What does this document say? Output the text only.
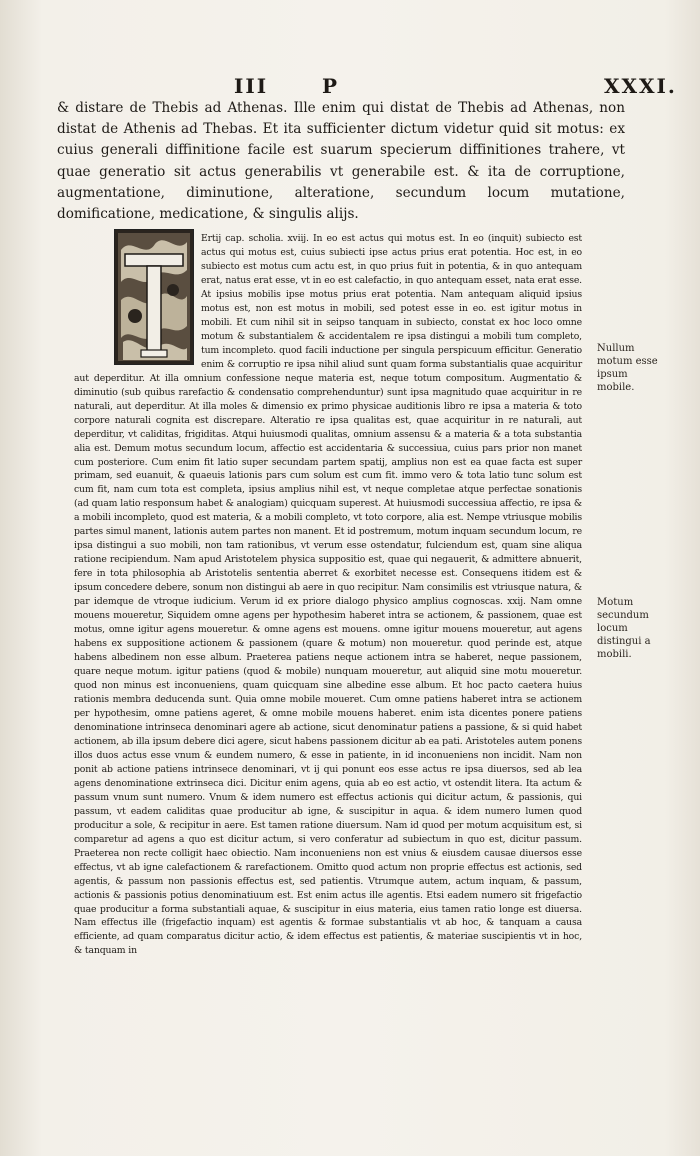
III	P	XXXI.
& distare de Thebis ad Athenas. Ille enim qui distat de Thebis ad Athenas, non distat de Athenis ad Thebas. Et ita sufficienter dictum videtur quid sit motus: ex cuius generali diffinitione facile est suarum specierum diffinitiones trahere, vt quae generatio sit actus generabilis vt generabile est. & ita de corruptione, augmentatione, diminutione, alteratione, secundum locum mutatione, domificatione, medicatione, & singulis alijs.

Ertij cap. scholia. xviij. In eo est actus qui motus est. In eo (inquit) subiecto est actus qui motus est, cuius subiecti ipse actus prius erat potentia. Hoc est, in eo subiecto est motus cum actu est, in quo prius fuit in potentia, & in quo antequam erat, natus erat esse, vt in eo est calefactio, in quo antequam esset, nata erat esse. At ipsius mobilis ipse motus prius erat potentia. Nam antequam aliquid ipsius motus est, non est motus in mobili, sed potest esse in eo. est igitur motus in mobili. Et cum nihil sit in seipso tanquam in subiecto, constat ex hoc loco omne motum & substantialem & accidentalem re ipsa distingui a mobili tum completo, tum incompleto. quod facili inductione per singula perspicuum efficitur. Generatio enim & corruptio re ipsa nihil aliud sunt quam forma substantialis quae acquiritur aut deperditur. At illa omnium confessione neque materia est, neque totum compositum. Augmentatio & diminutio (sub quibus rarefactio & condensatio comprehenduntur) sunt ipsa magnitudo quae acquiritur in re naturali, aut deperditur. At illa moles & dimensio ex primo physicae auditionis libro re ipsa a materia & toto corpore naturali cognita est discrepare. Alteratio re ipsa qualitas est, quae acquiritur in re naturali, aut deperditur, vt caliditas, frigiditas. Atqui huiusmodi qualitas, omnium assensu & a materia & a tota substantia alia est. Demum motus secundum locum, affectio est accidentaria & successiua, cuius pars prior non manet cum posteriore. Cum enim fit latio super secundam partem spatij, amplius non est ea quae facta est super primam, sed euanuit, & quaeuis lationis pars cum solum est cum fit. immo vero & tota latio tunc solum est cum fit, nam cum tota est completa, ipsius amplius nihil est, vt neque completae atque perfectae sonationis (ad quam latio responsum habet & analogiam) quicquam superest. At huiusmodi successiua affectio, re ipsa & a mobili incompleto, quod est materia, & a mobili completo, vt toto corpore, alia est. Nempe vtriusque mobilis partes simul manent, lationis autem partes non manent. Et id postremum, motum inquam secundum locum, re ipsa distingui a suo mobili, non tam rationibus, vt verum esse ostendatur, fulciendum est, quam sine aliqua ratione recipiendum. Nam apud Aristotelem physica suppositio est, quae qui negauerit, & admittere abnuerit, fere in tota philosophia ab Aristotelis sententia aberret & exorbitet necesse est. Consequens itidem est & ipsum concedere debere, sonum non distingui ab aere in quo recipitur. Nam consimilis est vtriusque natura, & par idemque de vtroque iudicium. Verum id ex priore dialogo physico amplius cognoscas. xxij. Nam omne mouens moueretur, Siquidem omne agens per hypothesim haberet intra se actionem, & passionem, quae est motus, omne igitur agens moueretur. & omne agens est mouens. omne igitur mouens moueretur, aut agens habens ex suppositione actionem & passionem (quare & motum) non moueretur. quod perinde est, atque habens albedinem non esse album. Praeterea patiens neque actionem intra se haberet, neque passionem, quare neque motum. igitur patiens (quod & mobile) nunquam moueretur, aut aliquid sine motu moueretur. quod non minus est inconueniens, quam quicquam sine albedine esse album. Et hoc pacto caetera huius rationis membra deducenda sunt. Quia omne mobile moueret. Cum omne patiens haberet intra se actionem per hypothesim, omne patiens ageret, & omne mobile mouens haberet. enim ista dicentes ponere patiens denominatione intrinseca denominari agere ab actione, sicut denominatur patiens a passione, & si quid habet actionem, ab illa ipsum debere dici agere, sicut habens passionem dicitur ab ea pati. Aristoteles autem ponens illos duos actus esse vnum & eundem numero, & esse in patiente, in id inconueniens non incidit. Nam non ponit ab actione patiens intrinsece denominari, vt ij qui ponunt eos esse actus re ipsa diuersos, sed ab lea agens denominatione extrinseca dici. Dicitur enim agens, quia ab eo est actio, vt ostendit litera. Ita actum & passum vnum sunt numero. Vnum & idem numero est effectus actionis qui dicitur actum, & passionis, qui passum, vt eadem caliditas quae producitur ab igne, & suscipitur in aqua. & idem numero lumen quod producitur a sole, & recipitur in aere. Est tamen ratione diuersum. Nam id quod per motum acquisitum est, si comparetur ad agens a quo est dicitur actum, si vero conferatur ad subiectum in quo est, dicitur passum. Praeterea non recte colligit haec obiectio. Nam inconueniens non est vnius & eiusdem causae diuersos esse effectus, vt ab igne calefactionem & rarefactionem. Omitto quod actum non proprie effectus est actionis, sed agentis, & passum non passionis effectus est, sed patientis. Vtrumque autem, actum inquam, & passum, actionis & passionis potius denominatiuum est. Est enim actus ille agentis. Etsi eadem numero sit frigefactio quae producitur a forma substantiali aquae, & suscipitur in eius materia, eius tamen ratio longe est diuersa. Nam effectus ille (frigefactio inquam) est agentis & formae substantialis vt ab hoc, & tanquam a causa efficiente, ad quam comparatus dicitur actio, & idem effectus est patientis, & materiae suscipientis vt in hoc, & tanquam in

Nullum motum esse ipsum mobile.
Motum secundum locum distingui a mobili.
